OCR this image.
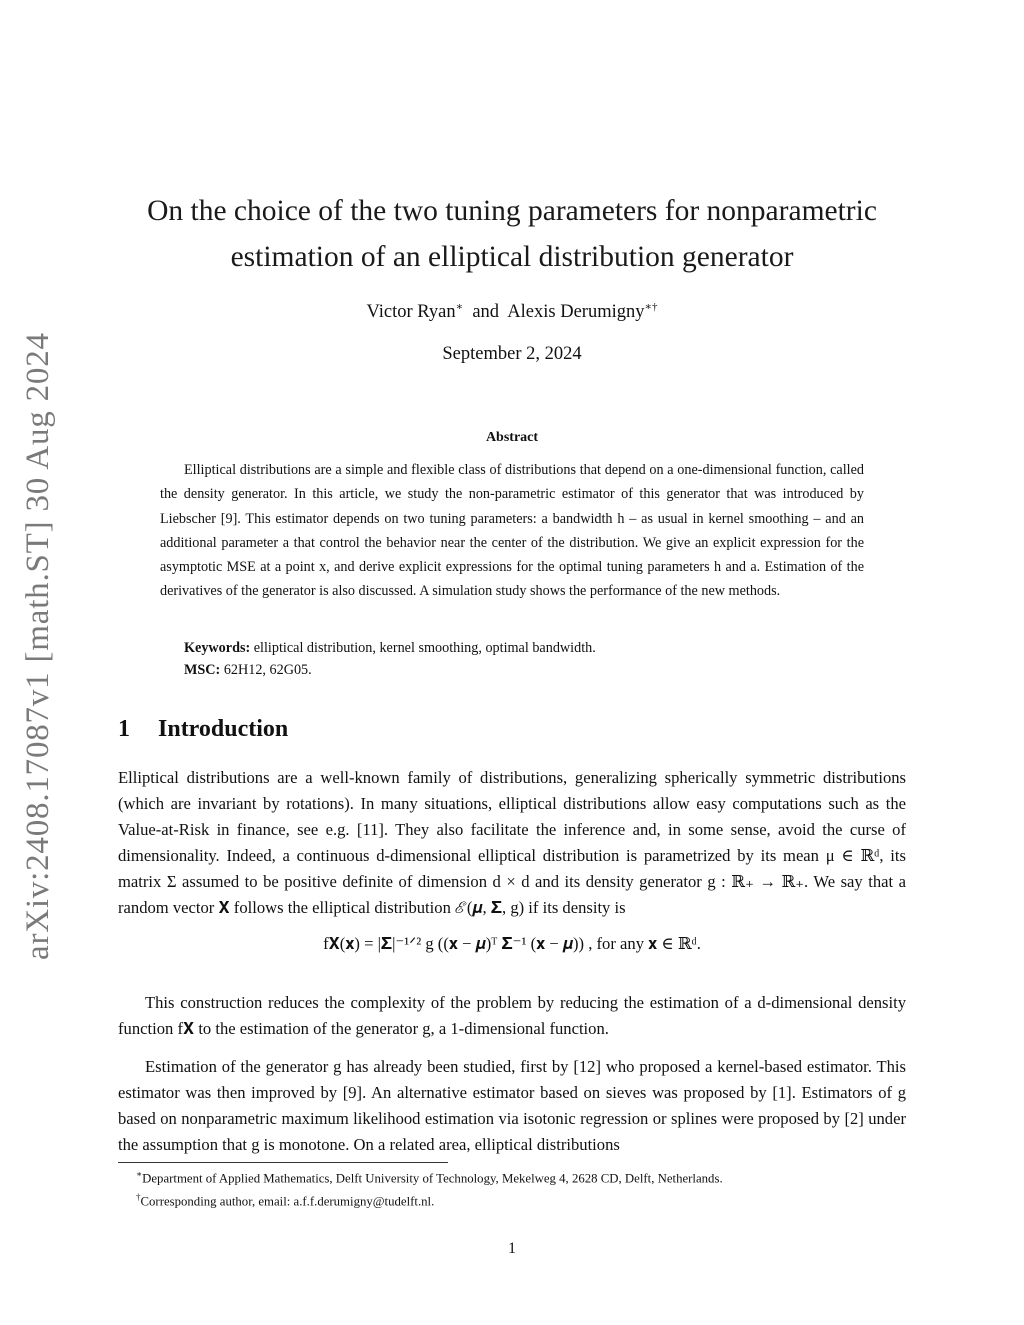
arXiv:2408.17087v1 [math.ST] 30 Aug 2024
On the choice of the two tuning parameters for nonparametric
estimation of an elliptical distribution generator
Victor Ryan∗ and Alexis Derumigny∗†
September 2, 2024
Abstract

Elliptical distributions are a simple and flexible class of distributions that depend on a one-dimensional function, called the density generator. In this article, we study the non-parametric estimator of this generator that was introduced by Liebscher [9]. This estimator depends on two tuning parameters: a bandwidth h – as usual in kernel smoothing – and an additional parameter a that control the behavior near the center of the distribution. We give an explicit expression for the asymptotic MSE at a point x, and derive explicit expressions for the optimal tuning parameters h and a. Estimation of the derivatives of the generator is also discussed. A simulation study shows the performance of the new methods.

Keywords: elliptical distribution, kernel smoothing, optimal bandwidth.
MSC: 62H12, 62G05.
1 Introduction

Elliptical distributions are a well-known family of distributions, generalizing spherically symmetric distributions (which are invariant by rotations). In many situations, elliptical distributions allow easy computations such as the Value-at-Risk in finance, see e.g. [11]. They also facilitate the inference and, in some sense, avoid the curse of dimensionality. Indeed, a continuous d-dimensional elliptical distribution is parametrized by its mean μ ∈ ℝᵈ, its matrix Σ assumed to be positive definite of dimension d × d and its density generator g : ℝ₊ → ℝ₊. We say that a random vector 𝐗 follows the elliptical distribution ℰ(𝝁, 𝚺, g) if its density is

f𝐗(𝐱) = |𝚺|⁻¹ᐟ² g ((𝐱 − 𝝁)ᵀ 𝚺⁻¹ (𝐱 − 𝝁)) , for any 𝐱 ∈ ℝᵈ.

This construction reduces the complexity of the problem by reducing the estimation of a d-dimensional density function f𝐗 to the estimation of the generator g, a 1-dimensional function.

Estimation of the generator g has already been studied, first by [12] who proposed a kernel-based estimator. This estimator was then improved by [9]. An alternative estimator based on sieves was proposed by [1]. Estimators of g based on nonparametric maximum likelihood estimation via isotonic regression or splines were proposed by [2] under the assumption that g is monotone. On a related area, elliptical distributions

∗Department of Applied Mathematics, Delft University of Technology, Mekelweg 4, 2628 CD, Delft, Netherlands.
†Corresponding author, email: a.f.f.derumigny@tudelft.nl.
1
